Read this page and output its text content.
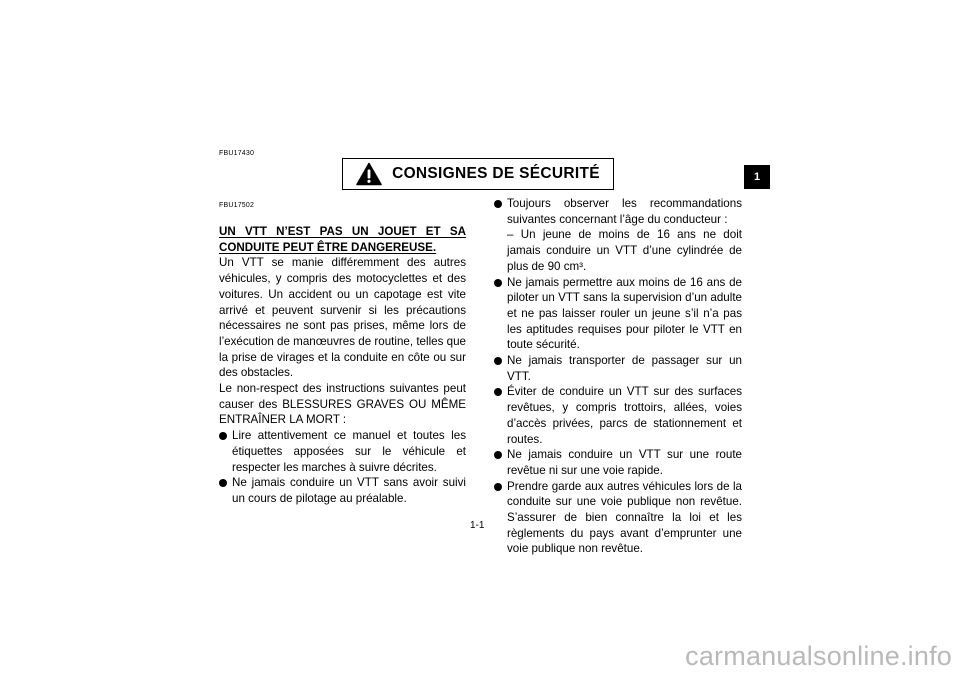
FBU17430
CONSIGNES DE SÉCURITÉ	1
FBU17502

UN VTT N’EST PAS UN JOUET ET SA CONDUITE PEUT ÊTRE DANGEREUSE.

Un VTT se manie différemment des autres véhicules, y compris des motocyclettes et des voitures. Un accident ou un capotage est vite arrivé et peuvent survenir si les précautions nécessaires ne sont pas prises, même lors de l’exécution de manœuvres de routine, telles que la prise de virages et la conduite en côte ou sur des obstacles.

Le non-respect des instructions suivantes peut causer des BLESSURES GRAVES OU MÊME ENTRAÎNER LA MORT :

Lire attentivement ce manuel et toutes les étiquettes apposées sur le véhicule et respecter les marches à suivre décrites.
Ne jamais conduire un VTT sans avoir suivi un cours de pilotage au préalable.
Toujours observer les recommandations suivantes concernant l’âge du conducteur :
– Un jeune de moins de 16 ans ne doit jamais conduire un VTT d’une cylindrée de plus de 90 cm³.
Ne jamais permettre aux moins de 16 ans de piloter un VTT sans la supervision d’un adulte et ne pas laisser rouler un jeune s’il n’a pas les aptitudes requises pour piloter le VTT en toute sécurité.
Ne jamais transporter de passager sur un VTT.
Éviter de conduire un VTT sur des surfaces revêtues, y compris trottoirs, allées, voies d’accès privées, parcs de stationnement et routes.
Ne jamais conduire un VTT sur une route revêtue ni sur une voie rapide.
Prendre garde aux autres véhicules lors de la conduite sur une voie publique non revêtue. S’assurer de bien connaître la loi et les règlements du pays avant d’emprunter une voie publique non revêtue.
1-1
carmanualsonline.info
